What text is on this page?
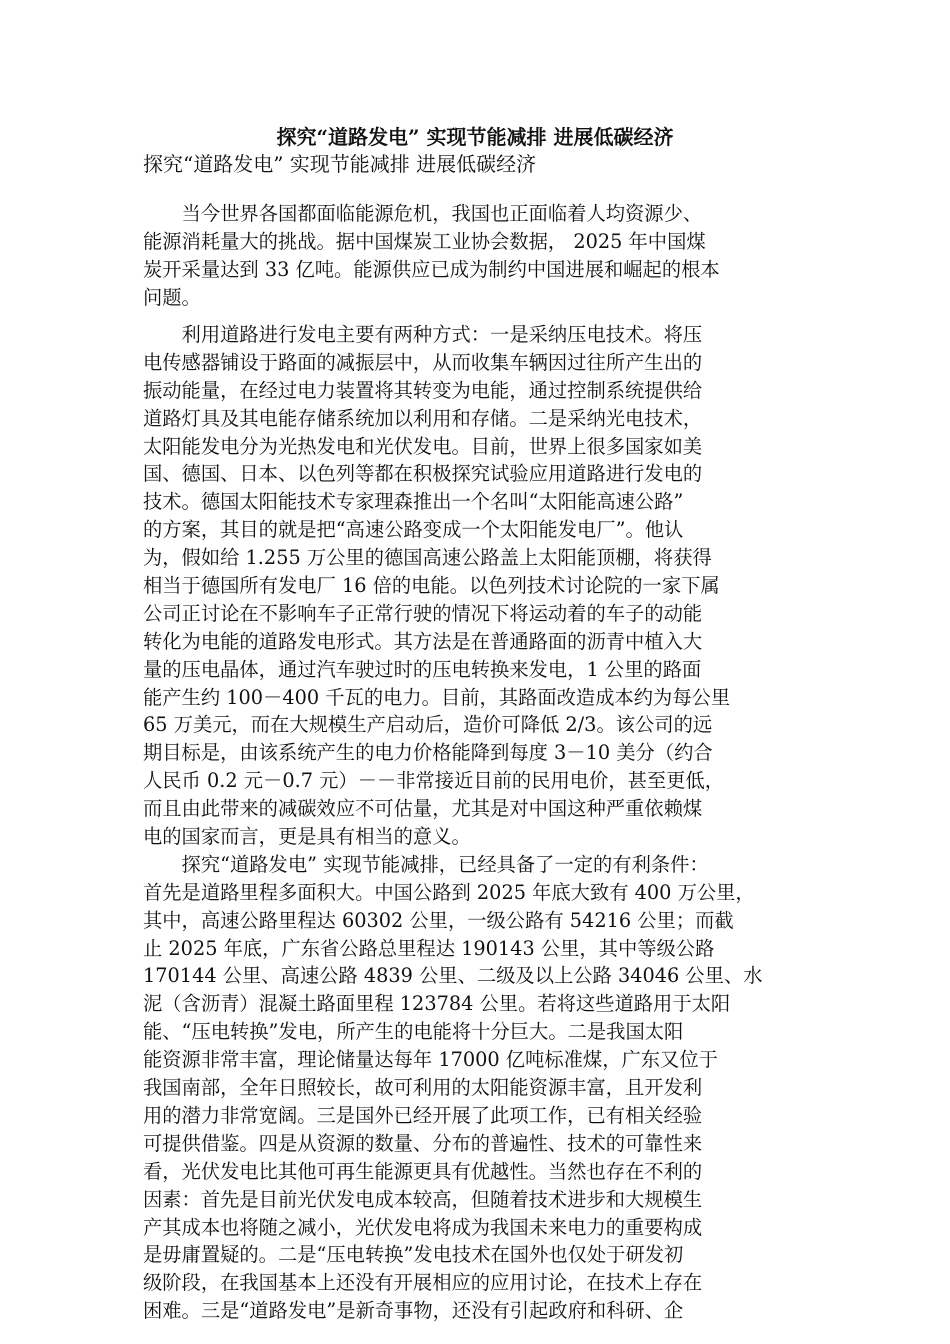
探究“道路发电” 实现节能减排 进展低碳经济
探究“道路发电” 实现节能减排 进展低碳经济
　　当今世界各国都面临能源危机，我国也正面临着人均资源少、
能源消耗量大的挑战。据中国煤炭工业协会数据， 2025 年中国煤
炭开采量达到 33 亿吨。能源供应已成为制约中国进展和崛起的根本
问题。
　　利用道路进行发电主要有两种方式：一是采纳压电技术。将压
电传感器铺设于路面的减振层中，从而收集车辆因过往所产生出的
振动能量，在经过电力装置将其转变为电能，通过控制系统提供给
道路灯具及其电能存储系统加以利用和存储。二是采纳光电技术，
太阳能发电分为光热发电和光伏发电。目前，世界上很多国家如美
国、德国、日本、以色列等都在积极探究试验应用道路进行发电的
技术。德国太阳能技术专家理森推出一个名叫“太阳能高速公路”
的方案，其目的就是把“高速公路变成一个太阳能发电厂”。他认
为，假如给 1.255 万公里的德国高速公路盖上太阳能顶棚，将获得
相当于德国所有发电厂 16 倍的电能。以色列技术讨论院的一家下属
公司正讨论在不影响车子正常行驶的情况下将运动着的车子的动能
转化为电能的道路发电形式。其方法是在普通路面的沥青中植入大
量的压电晶体，通过汽车驶过时的压电转换来发电，1 公里的路面
能产生约 100－400 千瓦的电力。目前，其路面改造成本约为每公里
65 万美元，而在大规模生产启动后，造价可降低 2/3。该公司的远
期目标是，由该系统产生的电力价格能降到每度 3－10 美分（约合
人民币 0.2 元－0.7 元）－－非常接近目前的民用电价，甚至更低，
而且由此带来的减碳效应不可估量，尤其是对中国这种严重依赖煤
电的国家而言，更是具有相当的意义。
　　探究“道路发电” 实现节能减排，已经具备了一定的有利条件：
首先是道路里程多面积大。中国公路到 2025 年底大致有 400 万公里，
其中，高速公路里程达 60302 公里，一级公路有 54216 公里；而截
止 2025 年底，广东省公路总里程达 190143 公里，其中等级公路
170144 公里、高速公路 4839 公里、二级及以上公路 34046 公里、水
泥（含沥青）混凝土路面里程 123784 公里。若将这些道路用于太阳
能、“压电转换”发电，所产生的电能将十分巨大。二是我国太阳
能资源非常丰富，理论储量达每年 17000 亿吨标准煤，广东又位于
我国南部，全年日照较长，故可利用的太阳能资源丰富，且开发利
用的潜力非常宽阔。三是国外已经开展了此项工作，已有相关经验
可提供借鉴。四是从资源的数量、分布的普遍性、技术的可靠性来
看，光伏发电比其他可再生能源更具有优越性。当然也存在不利的
因素：首先是目前光伏发电成本较高，但随着技术进步和大规模生
产其成本也将随之减小，光伏发电将成为我国未来电力的重要构成
是毋庸置疑的。二是“压电转换”发电技术在国外也仅处于研发初
级阶段，在我国基本上还没有开展相应的应用讨论，在技术上存在
困难。三是“道路发电”是新奇事物，还没有引起政府和科研、企
